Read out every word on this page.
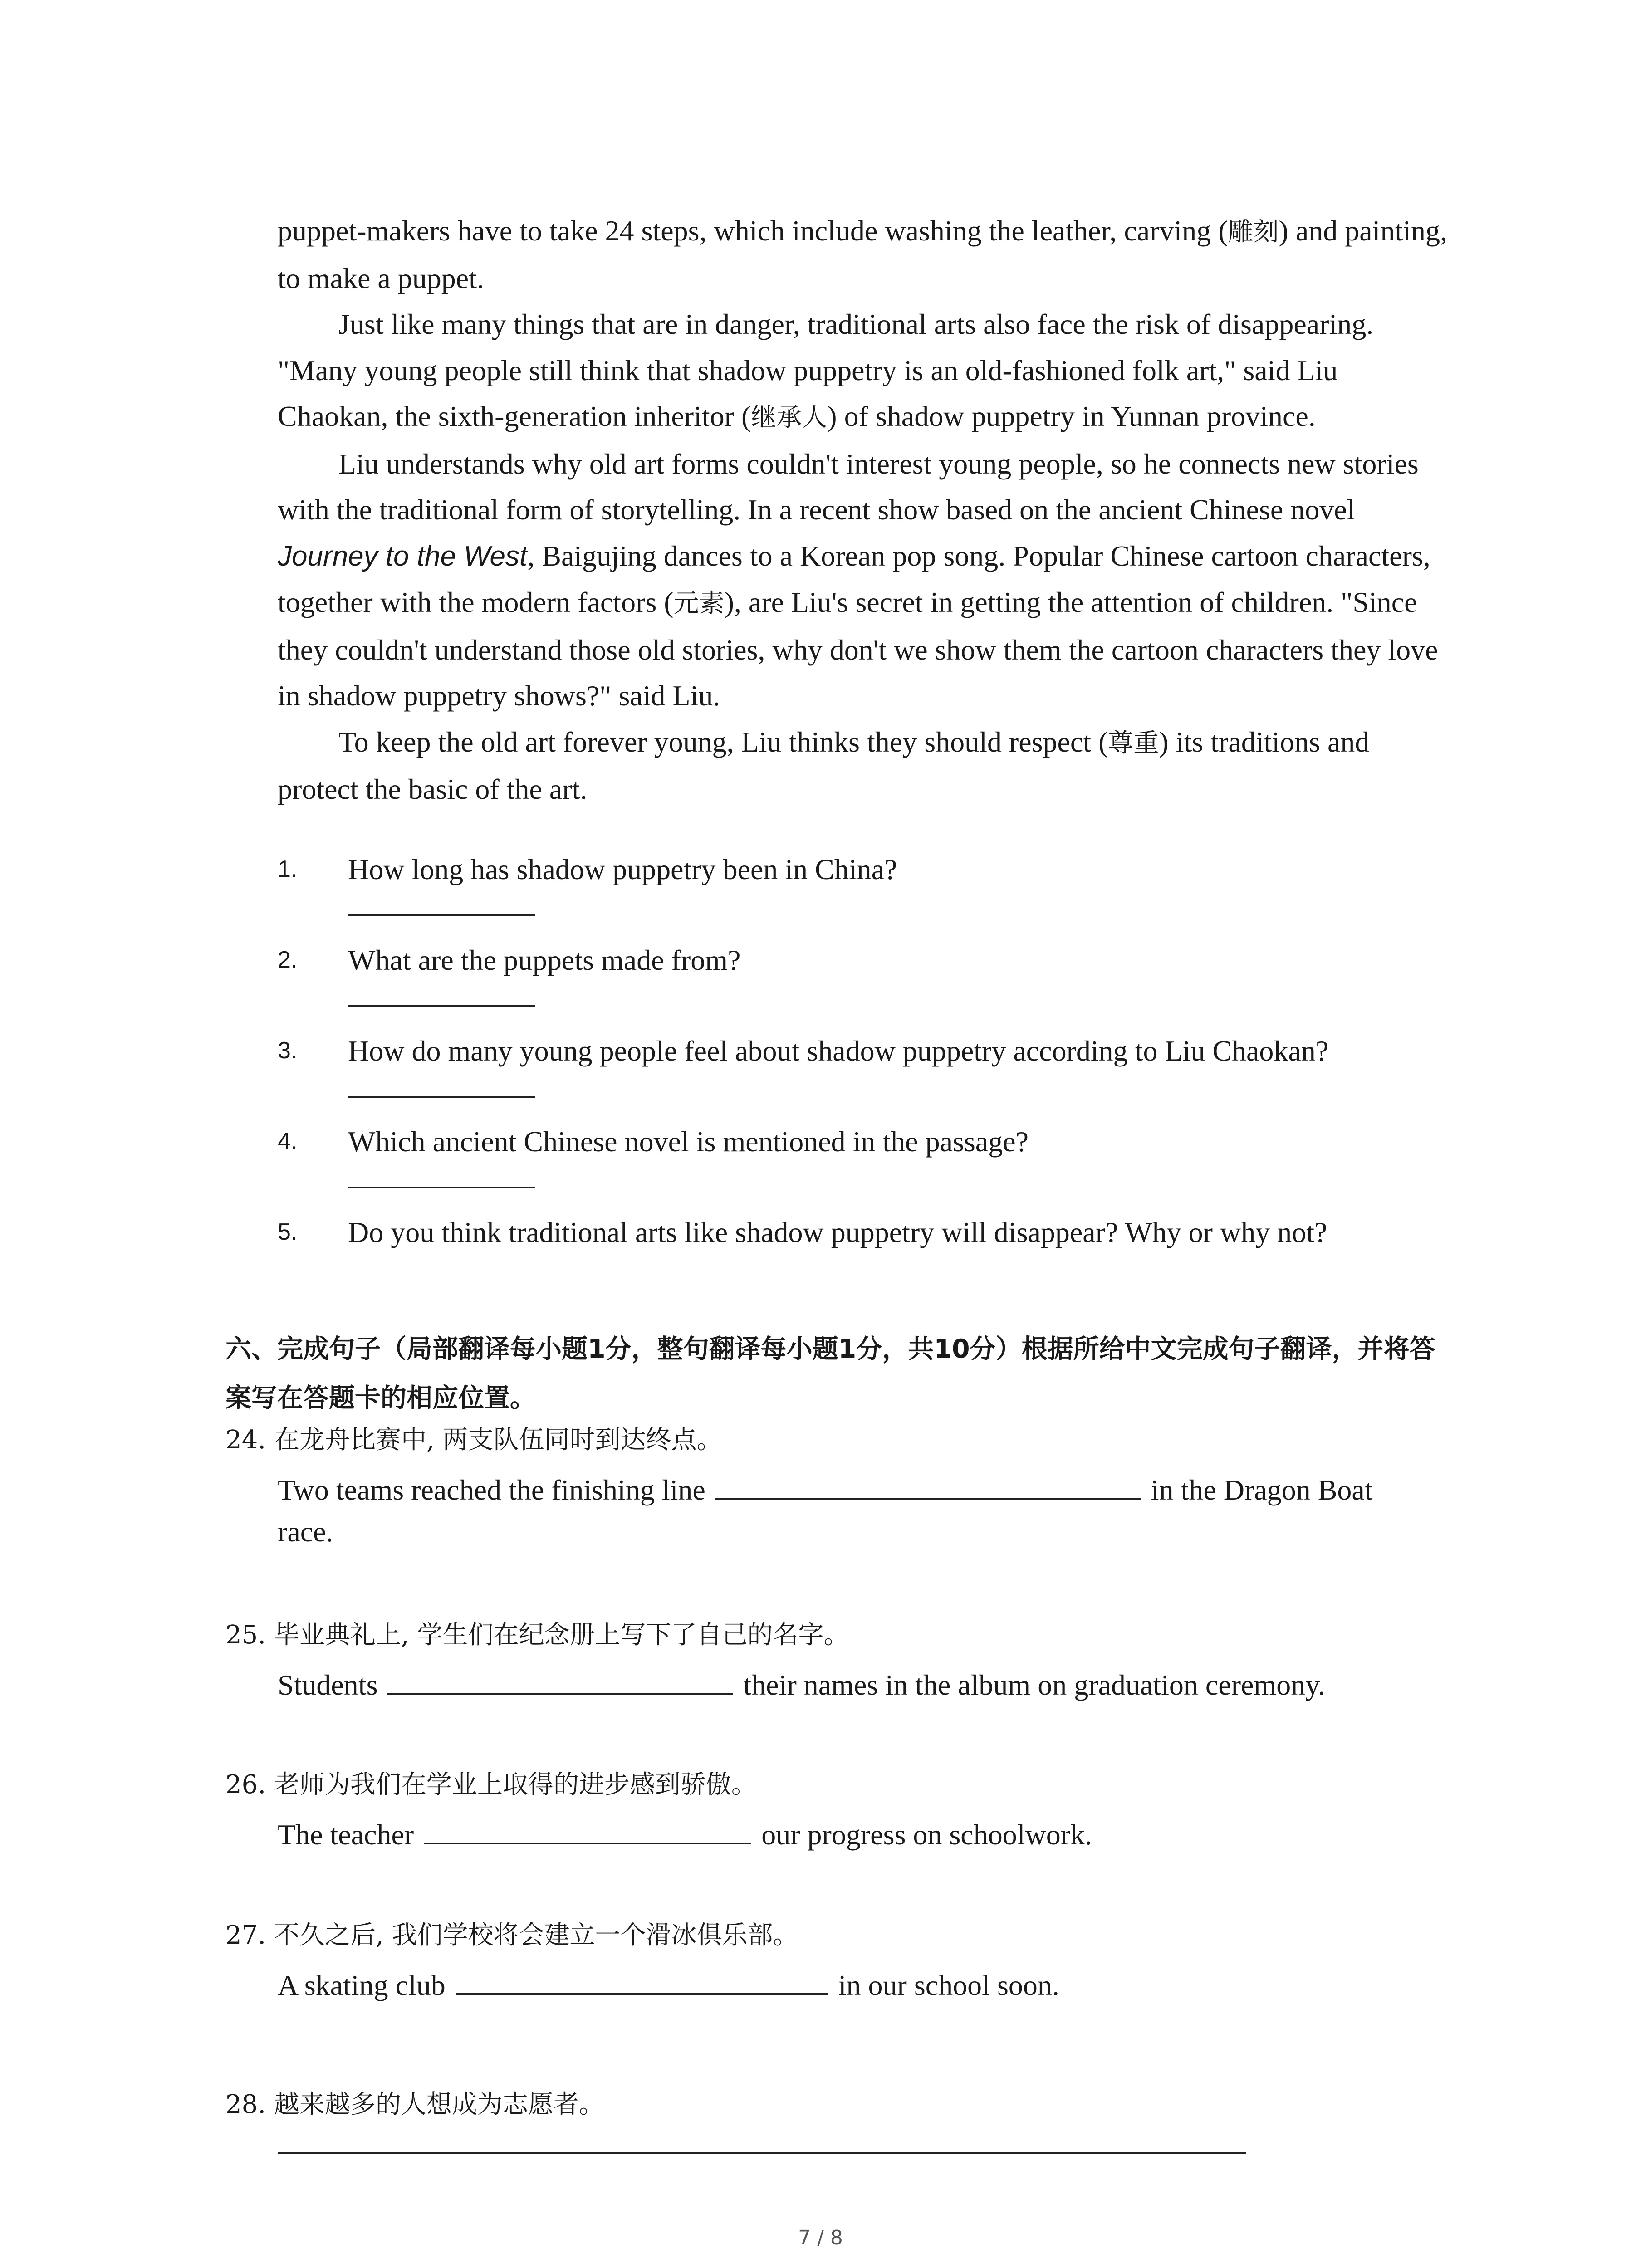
puppet-makers have to take 24 steps, which include washing the leather, carving (雕刻) and painting, to make a puppet.

Just like many things that are in danger, traditional arts also face the risk of disappearing. "Many young people still think that shadow puppetry is an old-fashioned folk art," said Liu Chaokan, the sixth-generation inheritor (继承人) of shadow puppetry in Yunnan province.

Liu understands why old art forms couldn't interest young people, so he connects new stories with the traditional form of storytelling. In a recent show based on the ancient Chinese novel Journey to the West, Baigujing dances to a Korean pop song. Popular Chinese cartoon characters, together with the modern factors (元素), are Liu's secret in getting the attention of children. "Since they couldn't understand those old stories, why don't we show them the cartoon characters they love in shadow puppetry shows?" said Liu.

To keep the old art forever young, Liu thinks they should respect (尊重) its traditions and protect the basic of the art.

1. How long has shadow puppetry been in China?
2. What are the puppets made from?
3. How do many young people feel about shadow puppetry according to Liu Chaokan?
4. Which ancient Chinese novel is mentioned in the passage?
5. Do you think traditional arts like shadow puppetry will disappear? Why or why not?
六、完成句子（局部翻译每小题1分，整句翻译每小题1分，共10分）根据所给中文完成句子翻译，并将答案写在答题卡的相应位置。
24. 在龙舟比赛中, 两支队伍同时到达终点。
Two teams reached the finishing line	in the Dragon Boat
race.
25. 毕业典礼上, 学生们在纪念册上写下了自己的名字。
Students	their names in the album on graduation ceremony.
26. 老师为我们在学业上取得的进步感到骄傲。
The teacher	our progress on schoolwork.
27. 不久之后, 我们学校将会建立一个滑冰俱乐部。
A skating club	in our school soon.
28. 越来越多的人想成为志愿者。
7 / 8
